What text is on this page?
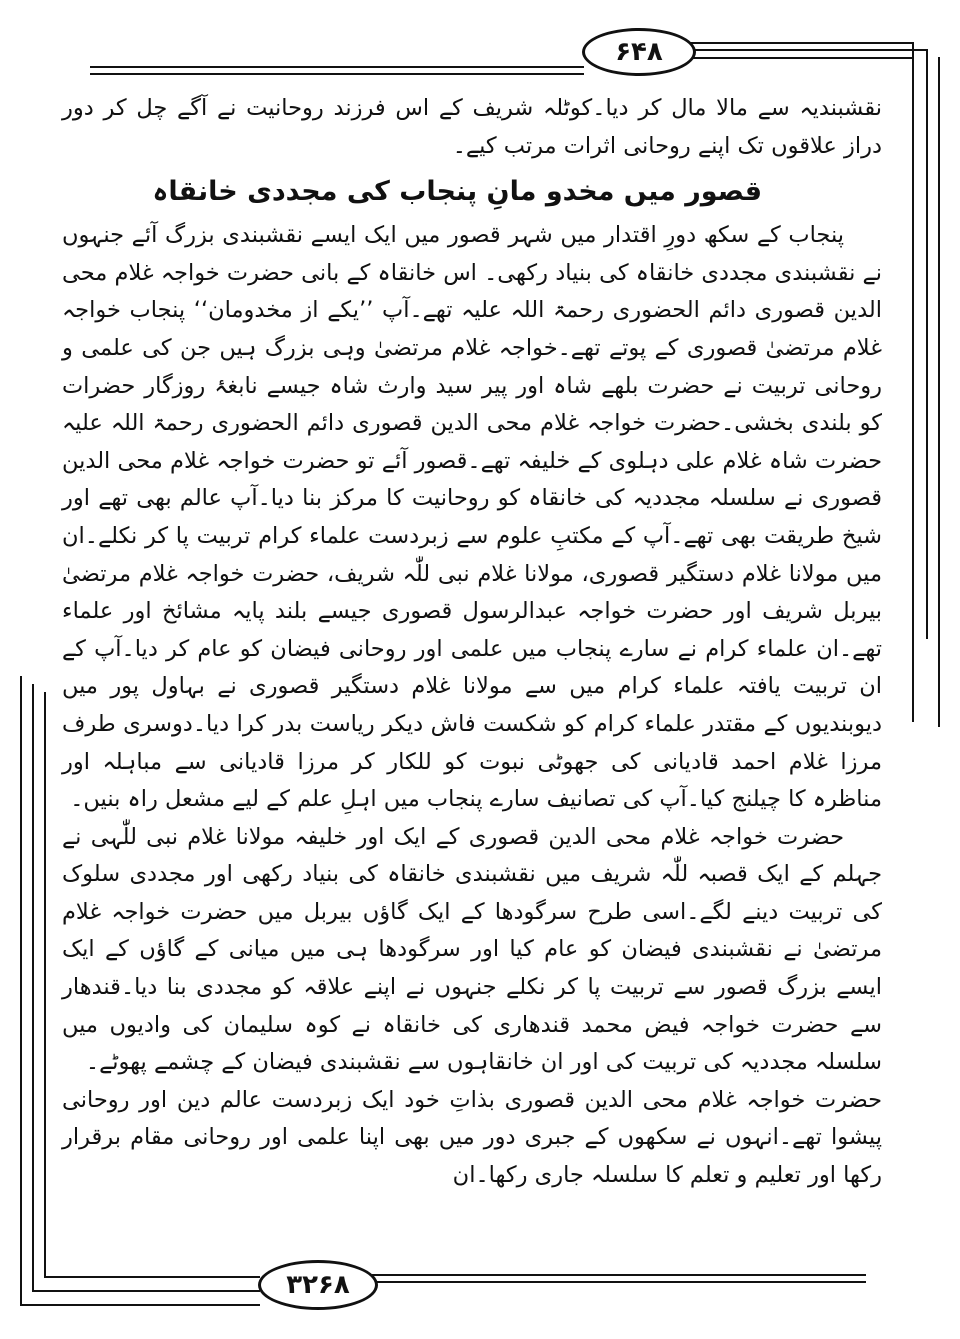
۶۴۸
۳۲۶۸

نقشبندیہ سے مالا مال کر دیا۔کوٹلہ شریف کے اس فرزند روحانیت نے آگے چل کر دور دراز علاقوں تک اپنے روحانی اثرات مرتب کیے۔

قصور میں مخدو مانِ پنجاب کی مجددی خانقاہ

پنجاب کے سکھ دورِ اقتدار میں شہر قصور میں ایک ایسے نقشبندی بزرگ آئے جنہوں نے نقشبندی مجددی خانقاہ کی بنیاد رکھی۔ اس خانقاہ کے بانی حضرت خواجہ غلام محی الدین قصوری دائم الحضوری رحمۃ اللہ علیہ تھے۔آپ ’’یکے از مخدومان‘‘ پنجاب خواجہ غلام مرتضیٰ قصوری کے پوتے تھے۔خواجہ غلام مرتضیٰ وہی بزرگ ہیں جن کی علمی و روحانی تربیت نے حضرت بلھے شاہ اور پیر سید وارث شاہ جیسے نابغۂ روزگار حضرات کو بلندی بخشی۔حضرت خواجہ غلام محی الدین قصوری دائم الحضوری رحمۃ اللہ علیہ حضرت شاہ غلام علی دہلوی کے خلیفہ تھے۔قصور آئے تو حضرت خواجہ غلام محی الدین قصوری نے سلسلہ مجددیہ کی خانقاہ کو روحانیت کا مرکز بنا دیا۔آپ عالم بھی تھے اور شیخ طریقت بھی تھے۔آپ کے مکتبِ علوم سے زبردست علماء کرام تربیت پا کر نکلے۔ان میں مولانا غلام دستگیر قصوری، مولانا غلام نبی للّٰہ شریف، حضرت خواجہ غلام مرتضیٰ بیربل شریف اور حضرت خواجہ عبدالرسول قصوری جیسے بلند پایہ مشائخ اور علماء تھے۔ان علماء کرام نے سارے پنجاب میں علمی اور روحانی فیضان کو عام کر دیا۔آپ کے ان تربیت یافتہ علماء کرام میں سے مولانا غلام دستگیر قصوری نے بہاول پور میں دیوبندیوں کے مقتدر علماء کرام کو شکست فاش دیکر ریاست بدر کرا دیا۔دوسری طرف مرزا غلام احمد قادیانی کی جھوٹی نبوت کو للکار کر مرزا قادیانی سے مباہلہ اور مناظرہ کا چیلنج کیا۔آپ کی تصانیف سارے پنجاب میں اہلِ علم کے لیے مشعل راہ بنیں۔

حضرت خواجہ غلام محی الدین قصوری کے ایک اور خلیفہ مولانا غلام نبی للّٰہی نے جہلم کے ایک قصبہ للّٰہ شریف میں نقشبندی خانقاہ کی بنیاد رکھی اور مجددی سلوک کی تربیت دینے لگے۔اسی طرح سرگودھا کے ایک گاؤں بیربل میں حضرت خواجہ غلام مرتضیٰ نے نقشبندی فیضان کو عام کیا اور سرگودھا ہی میں میانی کے گاؤں کے ایک ایسے بزرگ قصور سے تربیت پا کر نکلے جنہوں نے اپنے علاقہ کو مجددی بنا دیا۔قندھار سے حضرت خواجہ فیض محمد قندھاری کی خانقاہ نے کوہ سلیمان کی وادیوں میں سلسلہ مجددیہ کی تربیت کی اور ان خانقاہوں سے نقشبندی فیضان کے چشمے پھوٹے۔

حضرت خواجہ غلام محی الدین قصوری بذاتِ خود ایک زبردست عالم دین اور روحانی پیشوا تھے۔انہوں نے سکھوں کے جبری دور میں بھی اپنا علمی اور روحانی مقام برقرار رکھا اور تعلیم و تعلم کا سلسلہ جاری رکھا۔ان
